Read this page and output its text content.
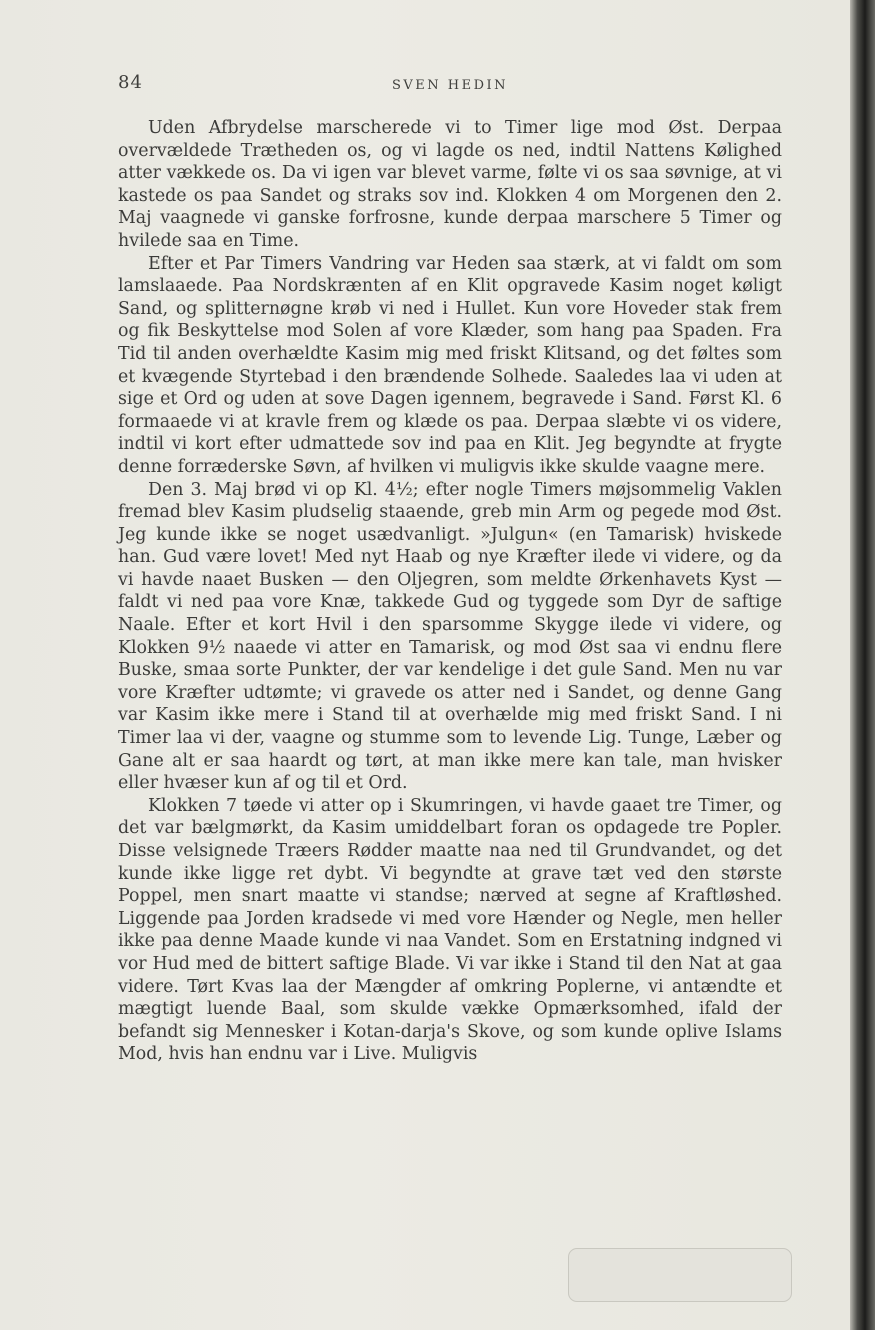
84	SVEN HEDIN

Uden Afbrydelse marscherede vi to Timer lige mod Øst. Derpaa overvældede Trætheden os, og vi lagde os ned, indtil Nattens Kølighed atter vækkede os. Da vi igen var blevet varme, følte vi os saa søvnige, at vi kastede os paa Sandet og straks sov ind. Klokken 4 om Morgenen den 2. Maj vaagnede vi ganske forfrosne, kunde derpaa marschere 5 Timer og hvilede saa en Time.

Efter et Par Timers Vandring var Heden saa stærk, at vi faldt om som lamslaaede. Paa Nordskrænten af en Klit opgravede Kasim noget køligt Sand, og splitternøgne krøb vi ned i Hullet. Kun vore Hoveder stak frem og fik Beskyttelse mod Solen af vore Klæder, som hang paa Spaden. Fra Tid til anden overhældte Kasim mig med friskt Klitsand, og det føltes som et kvægende Styrtebad i den brændende Solhede. Saaledes laa vi uden at sige et Ord og uden at sove Dagen igennem, begravede i Sand. Først Kl. 6 formaaede vi at kravle frem og klæde os paa. Derpaa slæbte vi os videre, indtil vi kort efter udmattede sov ind paa en Klit. Jeg begyndte at frygte denne forræderske Søvn, af hvilken vi muligvis ikke skulde vaagne mere.

Den 3. Maj brød vi op Kl. 4½; efter nogle Timers møjsommelig Vaklen fremad blev Kasim pludselig staaende, greb min Arm og pegede mod Øst. Jeg kunde ikke se noget usædvanligt. »Julgun« (en Tamarisk) hviskede han. Gud være lovet! Med nyt Haab og nye Kræfter ilede vi videre, og da vi havde naaet Busken — den Oljegren, som meldte Ørkenhavets Kyst — faldt vi ned paa vore Knæ, takkede Gud og tyggede som Dyr de saftige Naale. Efter et kort Hvil i den sparsomme Skygge ilede vi videre, og Klokken 9½ naaede vi atter en Tamarisk, og mod Øst saa vi endnu flere Buske, smaa sorte Punkter, der var kendelige i det gule Sand. Men nu var vore Kræfter udtømte; vi gravede os atter ned i Sandet, og denne Gang var Kasim ikke mere i Stand til at overhælde mig med friskt Sand. I ni Timer laa vi der, vaagne og stumme som to levende Lig. Tunge, Læber og Gane alt er saa haardt og tørt, at man ikke mere kan tale, man hvisker eller hvæser kun af og til et Ord.

Klokken 7 tøede vi atter op i Skumringen, vi havde gaaet tre Timer, og det var bælgmørkt, da Kasim umiddelbart foran os opdagede tre Popler. Disse velsignede Træers Rødder maatte naa ned til Grundvandet, og det kunde ikke ligge ret dybt. Vi begyndte at grave tæt ved den største Poppel, men snart maatte vi standse; nærved at segne af Kraftløshed. Liggende paa Jorden kradsede vi med vore Hænder og Negle, men heller ikke paa denne Maade kunde vi naa Vandet. Som en Erstatning indgned vi vor Hud med de bittert saftige Blade. Vi var ikke i Stand til den Nat at gaa videre. Tørt Kvas laa der Mængder af omkring Poplerne, vi antændte et mægtigt luende Baal, som skulde vække Opmærksomhed, ifald der befandt sig Mennesker i Kotan-darja's Skove, og som kunde oplive Islams Mod, hvis han endnu var i Live. Muligvis
